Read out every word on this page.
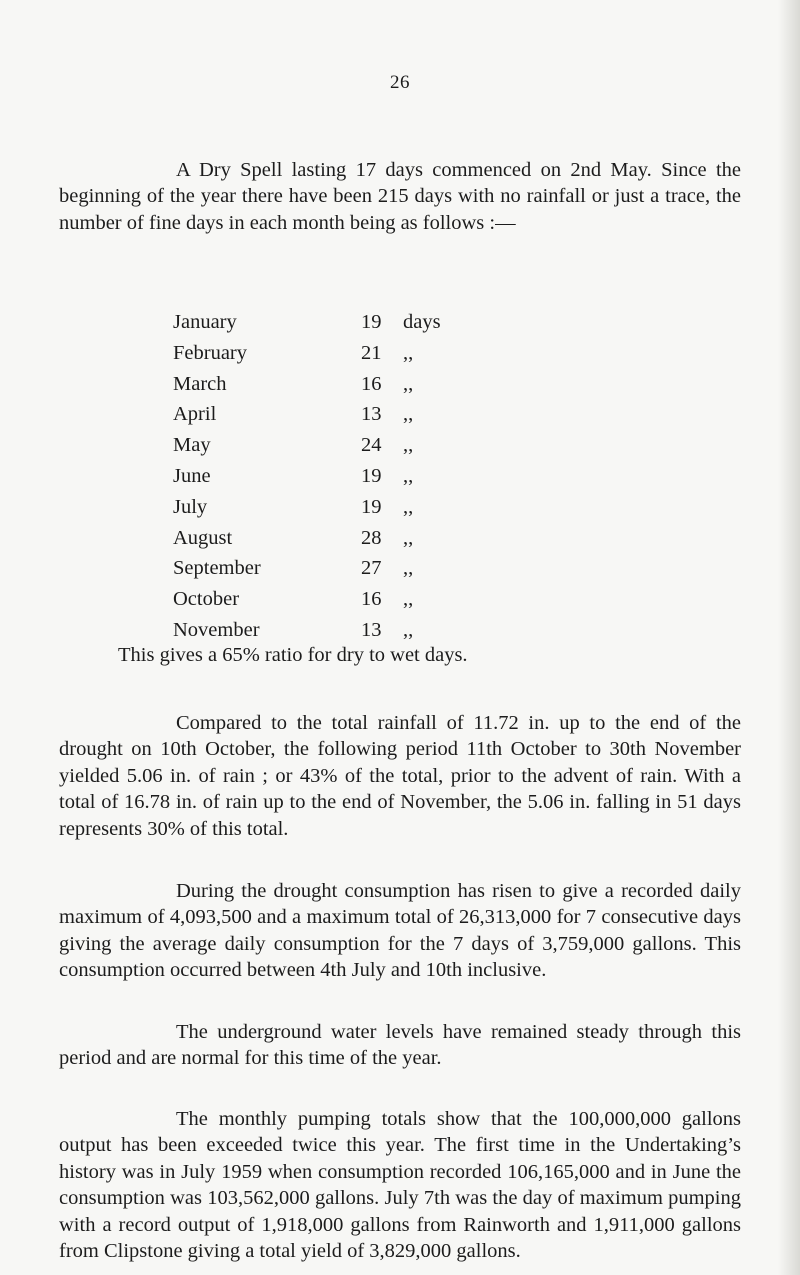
26

A Dry Spell lasting 17 days commenced on 2nd May. Since the beginning of the year there have been 215 days with no rainfall or just a trace, the number of fine days in each month being as follows :—

January	19 days
February	21 ,,
March	16 ,,
April	13 ,,
May	24 ,,
June	19 ,,
July	19 ,,
August	28 ,,
September	27 ,,
October	16 ,,
November	13 ,,
This gives a 65% ratio for dry to wet days.

Compared to the total rainfall of 11.72 in. up to the end of the drought on 10th October, the following period 11th October to 30th November yielded 5.06 in. of rain ; or 43% of the total, prior to the advent of rain. With a total of 16.78 in. of rain up to the end of November, the 5.06 in. falling in 51 days represents 30% of this total.

During the drought consumption has risen to give a recorded daily maximum of 4,093,500 and a maximum total of 26,313,000 for 7 consecutive days giving the average daily consumption for the 7 days of 3,759,000 gallons. This consumption occurred between 4th July and 10th inclusive.

The underground water levels have remained steady through this period and are normal for this time of the year.

The monthly pumping totals show that the 100,000,000 gallons output has been exceeded twice this year. The first time in the Undertaking’s history was in July 1959 when consumption recorded 106,165,000 and in June the consumption was 103,562,000 gallons. July 7th was the day of maximum pumping with a record output of 1,918,000 gallons from Rainworth and 1,911,000 gallons from Clipstone giving a total yield of 3,829,000 gallons.
